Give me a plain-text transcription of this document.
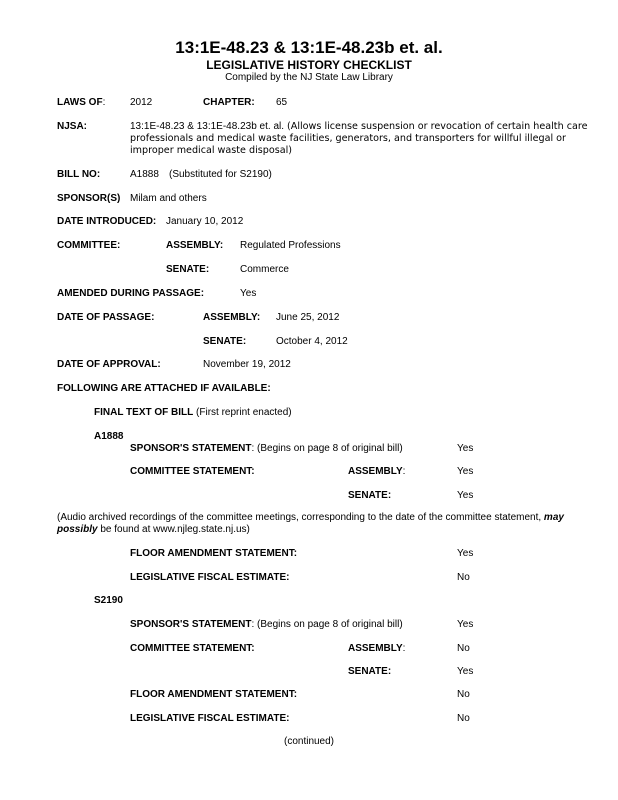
13:1E-48.23 & 13:1E-48.23b et. al.
LEGISLATIVE HISTORY CHECKLIST
Compiled by the NJ State Law Library
LAWS OF: 2012	CHAPTER: 65
NJSA:	13:1E-48.23 & 13:1E-48.23b et. al. (Allows license suspension or revocation of certain health care professionals and medical waste facilities, generators, and transporters for willful illegal or improper medical waste disposal)
BILL NO:	A1888 (Substituted for S2190)
SPONSOR(S) Milam and others
DATE INTRODUCED: January 10, 2012
COMMITTEE:	ASSEMBLY: Regulated Professions
SENATE:	Commerce
AMENDED DURING PASSAGE:	Yes
DATE OF PASSAGE:	ASSEMBLY: June 25, 2012
SENATE:	October 4, 2012
DATE OF APPROVAL:	November 19, 2012
FOLLOWING ARE ATTACHED IF AVAILABLE:
FINAL TEXT OF BILL (First reprint enacted)
A1888
SPONSOR'S STATEMENT: (Begins on page 8 of original bill)	Yes
COMMITTEE STATEMENT:	ASSEMBLY:	Yes
SENATE:	Yes
(Audio archived recordings of the committee meetings, corresponding to the date of the committee statement, may possibly be found at www.njleg.state.nj.us)
FLOOR AMENDMENT STATEMENT:	Yes
LEGISLATIVE FISCAL ESTIMATE:	No
S2190
SPONSOR'S STATEMENT: (Begins on page 8 of original bill)	Yes
COMMITTEE STATEMENT:	ASSEMBLY:	No
SENATE:	Yes
FLOOR AMENDMENT STATEMENT:	No
LEGISLATIVE FISCAL ESTIMATE:	No
(continued)
